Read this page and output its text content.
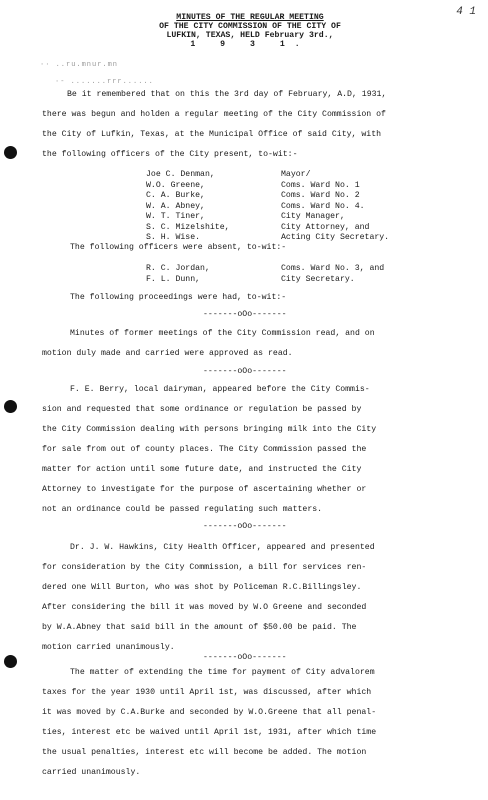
4 1
·· ..ru.mnur.mn
·- .......rrr......
MINUTES OF THE REGULAR MEETING
OF THE CITY COMMISSION OF THE CITY OF
LUFKIN, TEXAS, HELD February 3rd.,
1 9 3 1.
Be it remembered that on this the 3rd day of February, A.D, 1931,
there was begun and holden a regular meeting of the City Commission of
the City of Lufkin, Texas, at the Municipal Office of said City, with
the following officers of the City present, to-wit:-
Joe C. Denman,	Mayor/
W.O. Greene,	Coms. Ward No. 1
C. A. Burke,	Coms. Ward No. 2
W. A. Abney,	Coms. Ward No. 4.
W. T. Tiner,	City Manager,
S. C. Mizelshite,	City Attorney, and
S. H. Wise.	Acting City Secretary.
The following officers were absent, to-wit:-
R. C. Jordan,	Coms. Ward No. 3, and
F. L. Dunn,	City Secretary.
The following proceedings were had, to-wit:-
-------oOo-------
Minutes of former meetings of the City Commission read, and on
motion duly made and carried were approved as read.
-------oOo-------
F. E. Berry, local dairyman, appeared before the City Commis-
sion and requested that some ordinance or regulation be passed by
the City Commission dealing with persons bringing milk into the City
for sale from out of county places. The City Commission passed the
matter for action until some future date, and instructed the City
Attorney to investigate for the purpose of ascertaining whether or
not an ordinance could be passed regulating such matters.
-------oOo-------
Dr. J. W. Hawkins, City Health Officer, appeared and presented
for consideration by the City Commission, a bill for services ren-
dered one Will Burton, who was shot by Policeman R.C.Billingsley.
After considering the bill it was moved by W.O Greene and seconded
by W.A.Abney that said bill in the amount of $50.00 be paid. The
motion carried unanimously.
-------oOo-------
The matter of extending the time for payment of City advalorem
taxes for the year 1930 until April 1st, was discussed, after which
it was moved by C.A.Burke and seconded by W.O.Greene that all penal-
ties, interest etc be waived until April 1st, 1931, after which time
the usual penalties, interest etc will become be added. The motion
carried unanimously.
